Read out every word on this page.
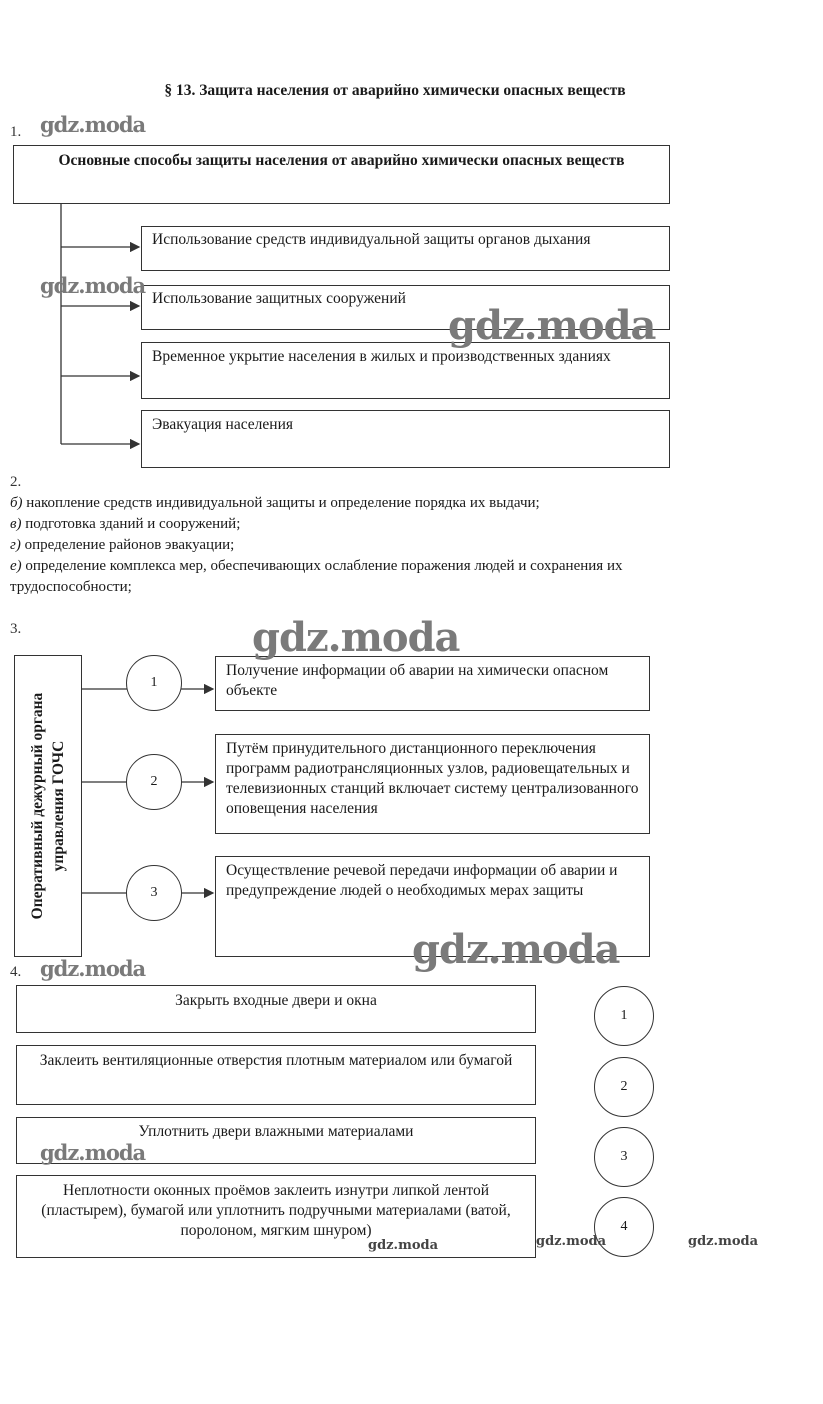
§ 13. Защита населения от аварийно химически опасных веществ
1.
Основные способы защиты населения от аварийно химически опасных веществ
Использование средств индивидуальной защиты органов дыхания
Использование защитных сооружений
Временное укрытие населения в жилых и производственных зданиях
Эвакуация населения
2.
б) накопление средств индивидуальной защиты и определение порядка их выдачи;
в) подготовка зданий и сооружений;
г) определение районов эвакуации;
е) определение комплекса мер, обеспечивающих ослабление поражения людей и сохранения их
трудоспособности;
3.
Оперативный дежурный органа управления ГОЧС
1
2
3
Получение информации об аварии на химически опасном объекте
Путём принудительного дистанционного переключения программ радиотрансляционных узлов, радиовещательных и телевизионных станций включает систему централизованного оповещения населения
Осуществление речевой передачи информации об аварии и предупреждение людей о необходимых мерах защиты
4.
Закрыть входные двери и окна
Заклеить вентиляционные отверстия плотным материалом или бумагой
Уплотнить двери влажными материалами
Неплотности оконных проёмов заклеить изнутри липкой лентой (пластырем), бумагой или уплотнить подручными материалами (ватой, поролоном, мягким шнуром)
1
2
3
4
gdz.moda
gdz.moda
gdz.moda
gdz.moda
gdz.moda
gdz.moda
gdz.moda
gdz.moda	gdz.moda	gdz.moda
